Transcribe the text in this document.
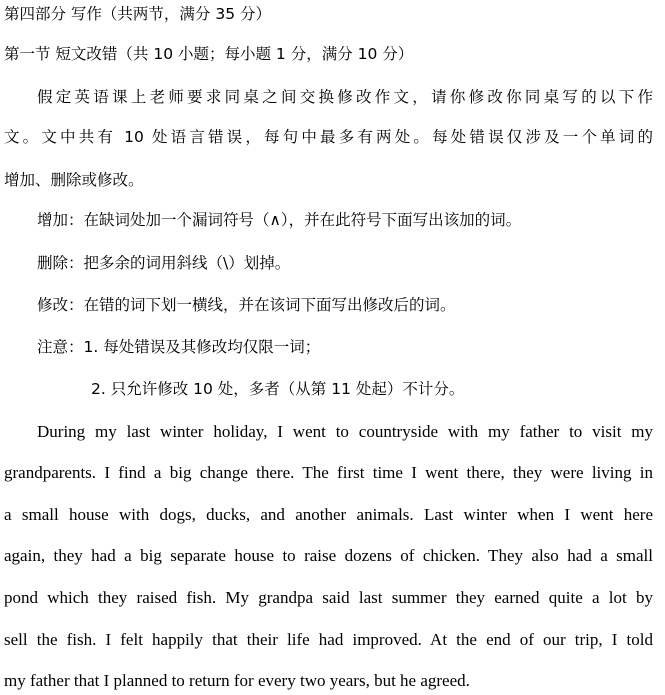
第四部分 写作（共两节，满分 35 分）
第一节 短文改错（共 10 小题；每小题 1 分，满分 10 分）
假定英语课上老师要求同桌之间交换修改作文，请你修改你同桌写的以下作
文。文中共有 10 处语言错误，每句中最多有两处。每处错误仅涉及一个单词的
增加、删除或修改。
增加：在缺词处加一个漏词符号（∧），并在此符号下面写出该加的词。
删除：把多余的词用斜线（\）划掉。
修改：在错的词下划一横线，并在该词下面写出修改后的词。
注意：1. 每处错误及其修改均仅限一词；
2. 只允许修改 10 处，多者（从第 11 处起）不计分。
During my last winter holiday, I went to countryside with my father to visit my
grandparents. I find a big change there. The first time I went there, they were living in
a small house with dogs, ducks, and another animals. Last winter when I went here
again, they had a big separate house to raise dozens of chicken. They also had a small
pond which they raised fish. My grandpa said last summer they earned quite a lot by
sell the fish. I felt happily that their life had improved. At the end of our trip, I told
my father that I planned to return for every two years, but he agreed.
